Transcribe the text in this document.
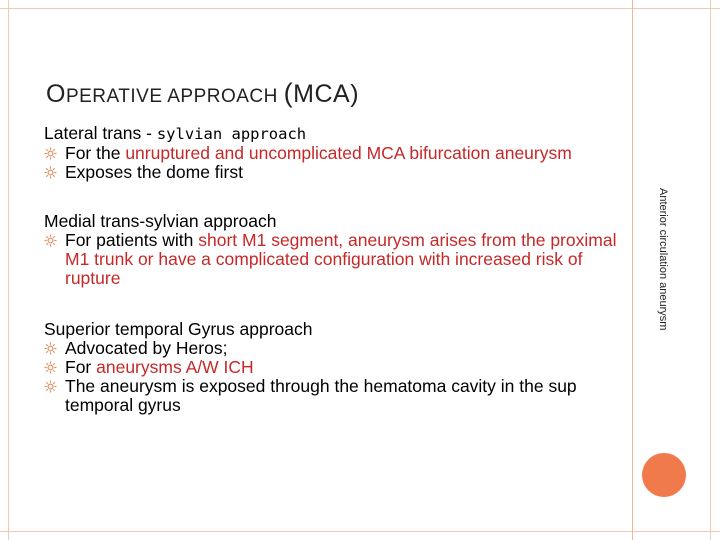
OPERATIVE APPROACH (MCA)
Anterior circulation aneurysm
Lateral trans - sylvian approach
For the unruptured and uncomplicated MCA bifurcation aneurysm
Exposes the dome first
Medial trans-sylvian approach
For patients with short M1 segment, aneurysm arises from the proximal M1 trunk or have a complicated configuration with increased risk of rupture
Superior temporal Gyrus approach
Advocated by Heros;
For aneurysms A/W ICH
The aneurysm is exposed through the hematoma cavity in the sup temporal gyrus
